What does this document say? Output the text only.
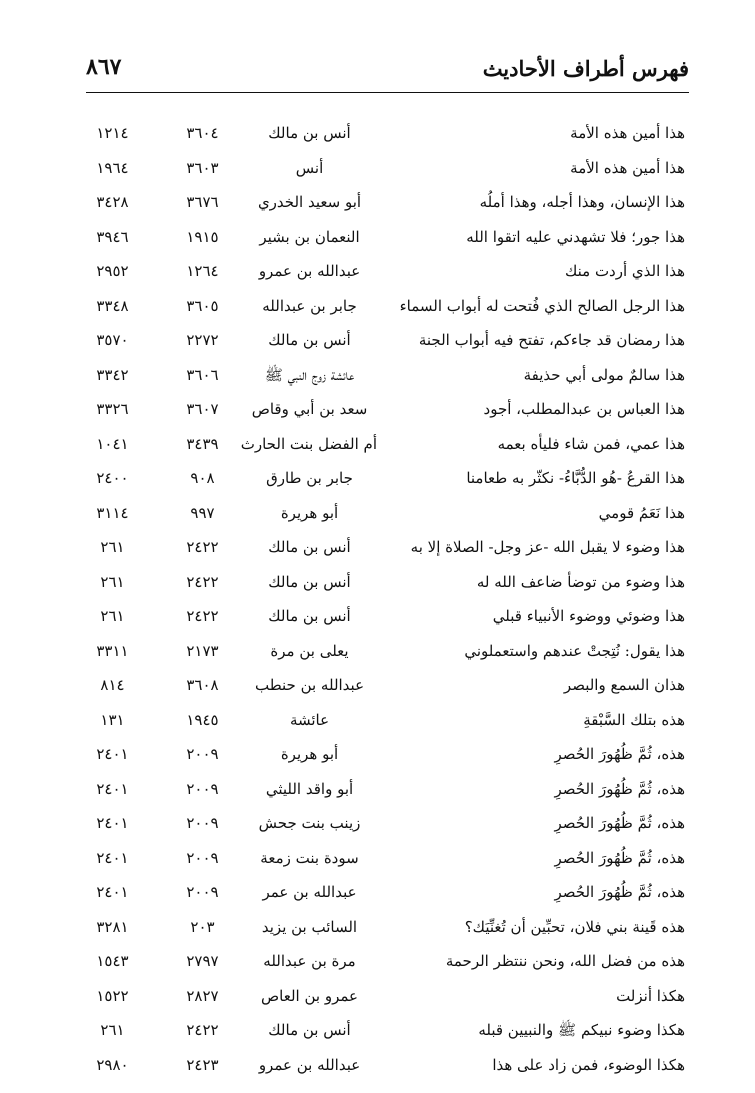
فهرس أطراف الأحاديث
٨٦٧
هذا أمين هذه الأمة
أنس بن مالك
٣٦٠٤
١٢١٤
هذا أمين هذه الأمة
أنس
٣٦٠٣
١٩٦٤
هذا الإنسان، وهذا أجله، وهذا أملُه
أبو سعيد الخدري
٣٦٧٦
٣٤٢٨
هذا جور؛ فلا تشهدني عليه اتقوا الله
النعمان بن بشير
١٩١٥
٣٩٤٦
هذا الذي أردت منك
عبدالله بن عمرو
١٢٦٤
٢٩٥٢
هذا الرجل الصالح الذي فُتحت له أبواب السماء
جابر بن عبدالله
٣٦٠٥
٣٣٤٨
هذا رمضان قد جاءكم، تفتح فيه أبواب الجنة
أنس بن مالك
٢٢٧٢
٣٥٧٠
هذا سالمٌ مولى أبي حذيفة
عائشة زوج النبي ﷺ
٣٦٠٦
٣٣٤٢
هذا العباس بن عبدالمطلب، أجود
سعد بن أبي وقاص
٣٦٠٧
٣٣٢٦
هذا عمي، فمن شاء فليأه بعمه
أم الفضل بنت الحارث
٣٤٣٩
١٠٤١
هذا القرعُ -هُو الدُّبَّاءُ- نكثّر به طعامنا
جابر بن طارق
٩٠٨
٢٤٠٠
هذا نَعَمُ قومي
أبو هريرة
٩٩٧
٣١١٤
هذا وضوء لا يقبل الله -عز وجل- الصلاة إلا به
أنس بن مالك
٢٤٢٢
٢٦١
هذا وضوء من توضأ ضاعف الله له
أنس بن مالك
٢٤٢٢
٢٦١
هذا وضوئي ووضوء الأنبياء قبلي
أنس بن مالك
٢٤٢٢
٢٦١
هذا يقول: نُتِجتْ عندهم واستعملوني
يعلى بن مرة
٢١٧٣
٣٣١١
هذان السمع والبصر
عبدالله بن حنطب
٣٦٠٨
٨١٤
هذه بتلك السَّبْقةِ
عائشة
١٩٤٥
١٣١
هذه، ثُمَّ ظُهُورَ الحُصرِ
أبو هريرة
٢٠٠٩
٢٤٠١
هذه، ثُمَّ ظُهُورَ الحُصرِ
أبو واقد الليثي
٢٠٠٩
٢٤٠١
هذه، ثُمَّ ظُهُورَ الحُصرِ
زينب بنت جحش
٢٠٠٩
٢٤٠١
هذه، ثُمَّ ظُهُورَ الحُصرِ
سودة بنت زمعة
٢٠٠٩
٢٤٠١
هذه، ثُمَّ ظُهُورَ الحُصرِ
عبدالله بن عمر
٢٠٠٩
٢٤٠١
هذه قَينة بني فلان، تحبِّين أن تُغنِّيَك؟
السائب بن يزيد
٢٠٣
٣٢٨١
هذه من فضل الله، ونحن ننتظر الرحمة
مرة بن عبدالله
٢٧٩٧
١٥٤٣
هكذا أنزلت
عمرو بن العاص
٢٨٢٧
١٥٢٢
هكذا وضوء نبيكم ﷺ والنبيين قبله
أنس بن مالك
٢٤٢٢
٢٦١
هكذا الوضوء، فمن زاد على هذا
عبدالله بن عمرو
٢٤٢٣
٢٩٨٠
